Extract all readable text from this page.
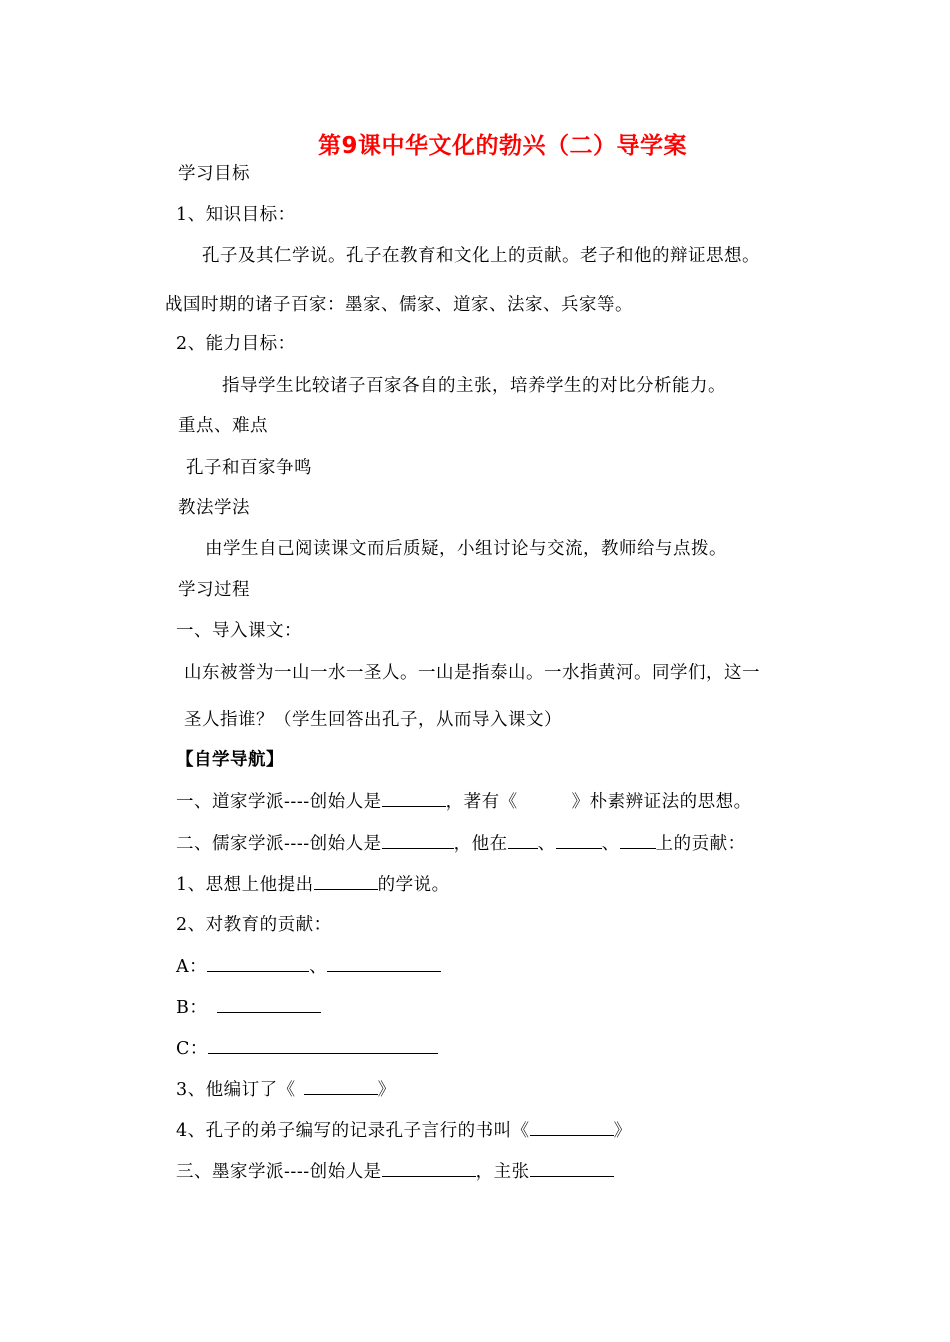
第9课中华文化的勃兴（二）导学案
学习目标
1、知识目标：
孔子及其仁学说。孔子在教育和文化上的贡献。老子和他的辩证思想。
战国时期的诸子百家：墨家、儒家、道家、法家、兵家等。
2、能力目标：
指导学生比较诸子百家各自的主张，培养学生的对比分析能力。
重点、难点
孔子和百家争鸣
教法学法
由学生自己阅读课文而后质疑，小组讨论与交流，教师给与点拨。
学习过程
一、导入课文：
山东被誉为一山一水一圣人。一山是指泰山。一水指黄河。同学们，这一
圣人指谁？（学生回答出孔子，从而导入课文）
【自学导航】
一、道家学派----创始人是	，著有《	》朴素辨证法的思想。
二、儒家学派----创始人是	，他在 、	、 上的贡献：
1、思想上他提出	的学说。
2、对教育的贡献：
A：	、
B：
C：
3、他编订了《	》
4、孔子的弟子编写的记录孔子言行的书叫《	》
三、墨家学派----创始人是	，主张
